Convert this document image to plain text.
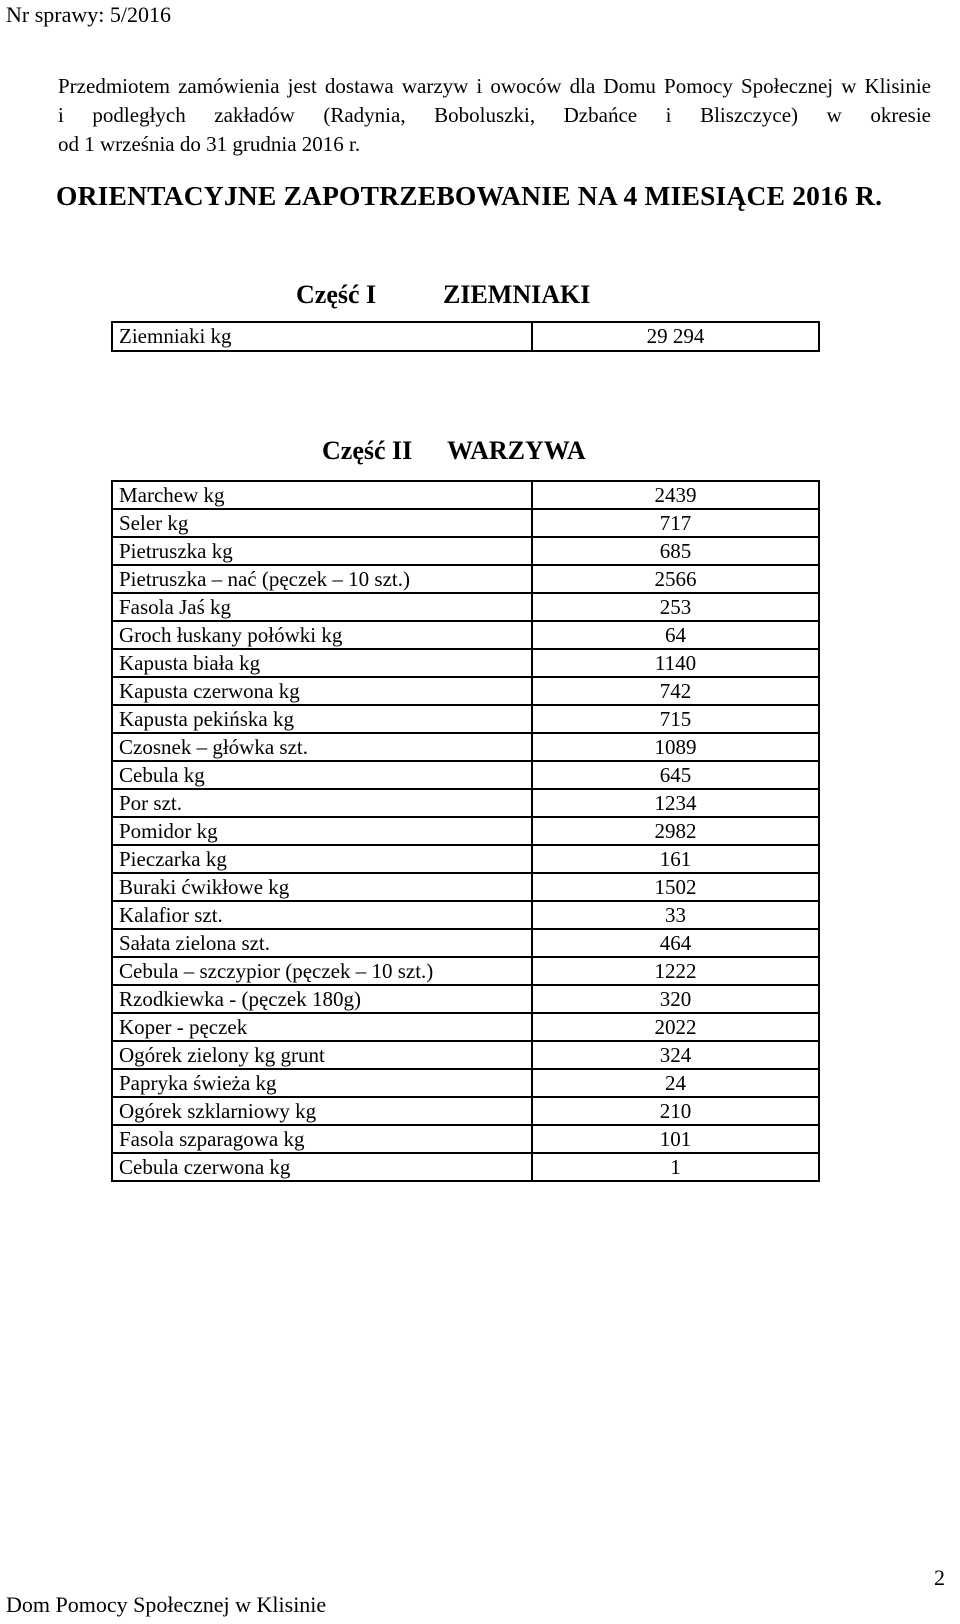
Nr sprawy: 5/2016
Przedmiotem zamówienia jest dostawa warzyw i owoców dla Domu Pomocy Społecznej w Klisinie
i podległych zakładów (Radynia, Boboluszki, Dzbańce i Bliszczyce) w okresie
od 1 września do 31 grudnia 2016 r.
ORIENTACYJNE ZAPOTRZEBOWANIE NA 4 MIESIĄCE 2016 R.
Część I	ZIEMNIAKI
Ziemniaki kg	29 294
Część II WARZYWA
Marchew kg	2439
Seler kg	717
Pietruszka kg	685
Pietruszka – nać (pęczek – 10 szt.)	2566
Fasola Jaś kg	253
Groch łuskany połówki kg	64
Kapusta biała kg	1140
Kapusta czerwona kg	742
Kapusta pekińska kg	715
Czosnek – główka szt.	1089
Cebula kg	645
Por szt.	1234
Pomidor kg	2982
Pieczarka kg	161
Buraki ćwikłowe kg	1502
Kalafior szt.	33
Sałata zielona szt.	464
Cebula – szczypior (pęczek – 10 szt.)	1222
Rzodkiewka - (pęczek 180g)	320
Koper - pęczek	2022
Ogórek zielony kg grunt	324
Papryka świeża kg	24
Ogórek szklarniowy kg	210
Fasola szparagowa kg	101
Cebula czerwona kg	1
Dom Pomocy Społecznej w Klisinie
2
